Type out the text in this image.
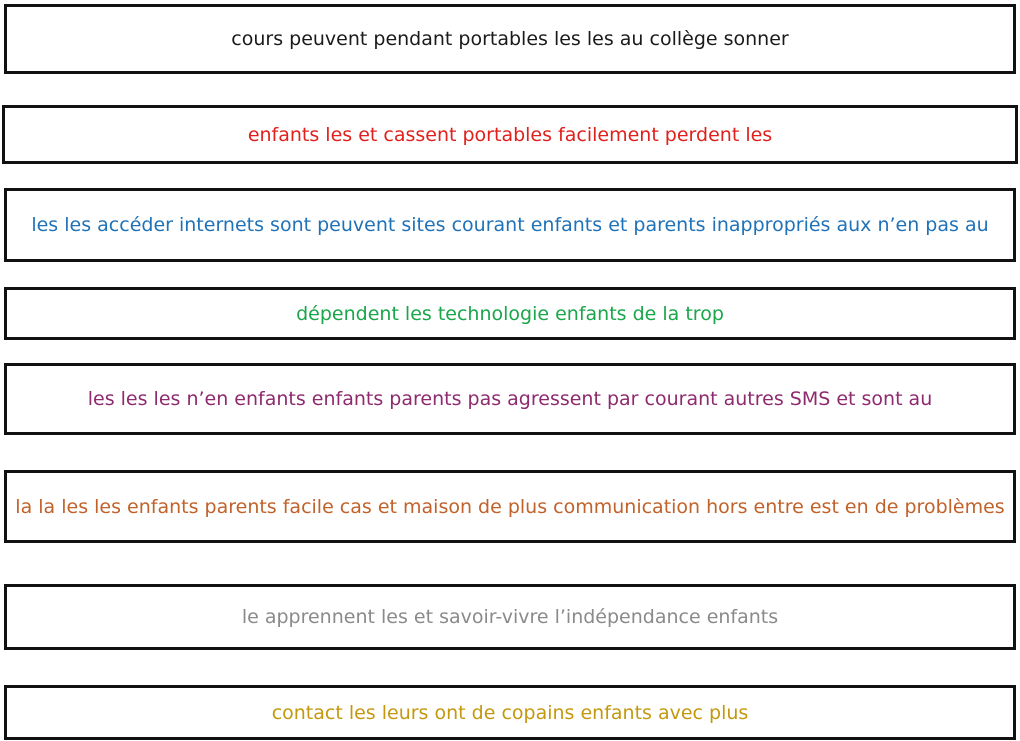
cours peuvent pendant portables les les au collège sonner
enfants les et cassent portables facilement perdent les
les les accéder internets sont peuvent sites courant enfants et parents inappropriés aux n’en pas au
dépendent les technologie enfants de la trop
les les les n’en enfants enfants parents pas agressent par courant autres SMS et sont au
la la les les enfants parents facile cas et maison de plus communication hors entre est en de problèmes
le apprennent les et savoir-vivre l’indépendance enfants
contact les leurs ont de copains enfants avec plus
